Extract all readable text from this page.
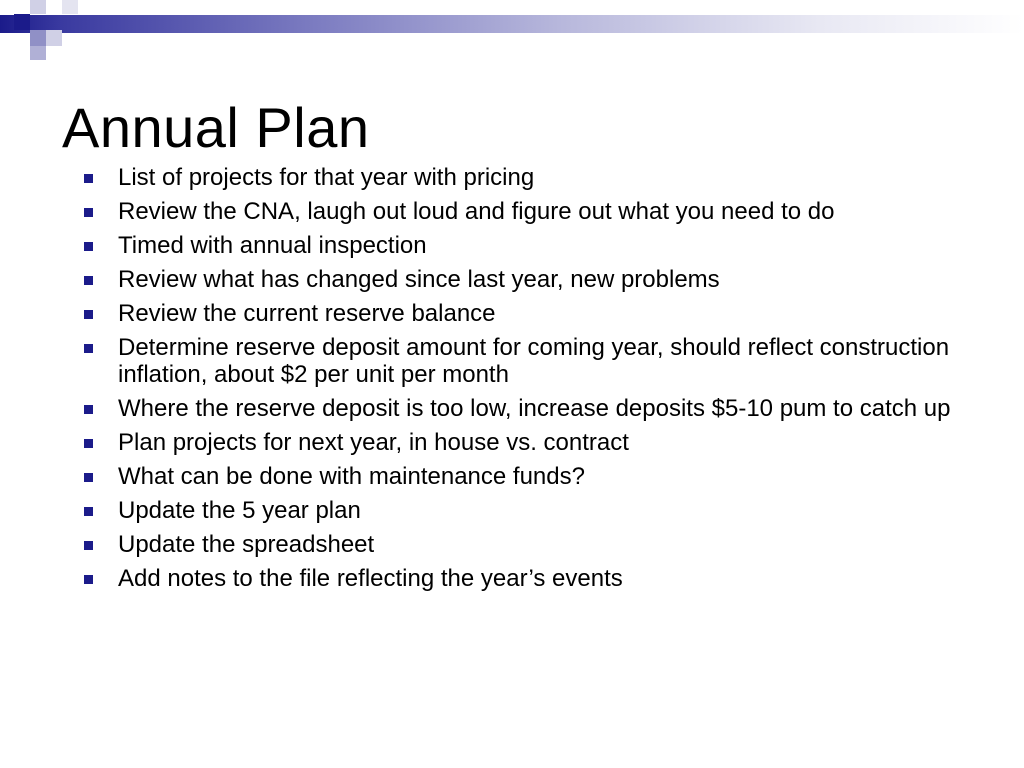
Annual Plan
List of projects for that year with pricing
Review the CNA, laugh out loud and figure out what you need to do
Timed with annual inspection
Review what has changed since last year, new problems
Review the current reserve balance
Determine reserve deposit amount for coming year, should reflect construction inflation, about $2 per unit per month
Where the reserve deposit is too low, increase deposits $5-10 pum to catch up
Plan projects for next year, in house vs. contract
What can be done with maintenance funds?
Update the 5 year plan
Update the spreadsheet
Add notes to the file reflecting the year’s events
